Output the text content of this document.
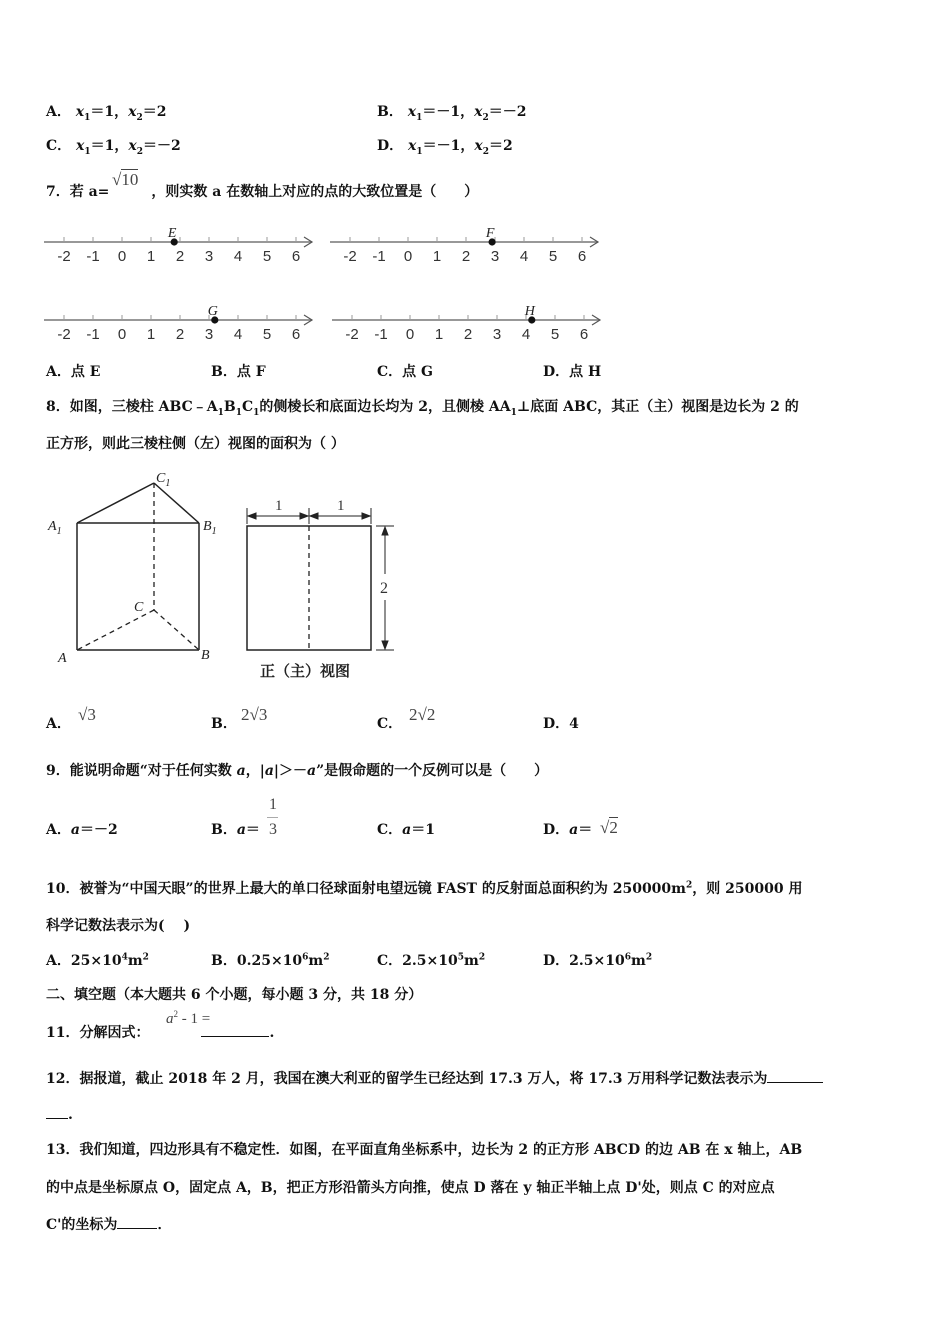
A． $x_1=1$，$x_2=2$	B． $x_1=-1$，$x_2=-2$
C． $x_1=1$，$x_2=-2$	D． $x_1=-1$，$x_2=2$
7．若 a=	，则实数 a 在数轴上对应的点的大致位置是（　　）
√10
-2 -1 0 1 2 3 4 5 6
E
-2 -1 0 1 2 3 4 5 6
F
-2 -1 0 1 2 3 4 5 6
G
-2 -1 0 1 2 3 4 5 6
H
A．点 E	B．点 F	C．点 G	D．点 H
8．如图，三棱柱 $ABC﹣A_1B_1C_1$的侧棱长和底面边长均为 2，且侧棱 $AA_1\perp$底面 ABC，其正（主）视图是边长为 2 的
正方形，则此三棱柱侧（左）视图的面积为（ ）
$C_1$
$A_1$	$B_1$
C
A	B
1	1
2
正（主）视图
A． √3	B． 2√3	C． 2√2	D．4
9．能说明命题“对于任何实数 a，|a|＞－a”是假命题的一个反例可以是（　　）
A．a＝－2	B．a＝
1
3	C．a＝1	D．a＝ √2
10．被誉为“中国天眼”的世界上最大的单口径球面射电望远镜 FAST 的反射面总面积约为 $250000m^2$，则 250000 用
科学记数法表示为(　 )
A．$25\times 10^4m^2$	B．$0.25\times 10^6m^2$	C．$2.5\times 10^5m^2$	D．$2.5\times 10^6m^2$
二、填空题（本大题共 6 个小题，每小题 3 分，共 18 分）
11．分解因式：	.
$a^2 - 1$ =
12．据报道，截止 2018 年 2 月，我国在澳大利亚的留学生已经达到 17.3 万人，将 17.3 万用科学记数法表示为
.
13．我们知道，四边形具有不稳定性．如图，在平面直角坐标系中，边长为 2 的正方形 ABCD 的边 AB 在 x 轴上，AB
的中点是坐标原点 O，固定点 A，B，把正方形沿箭头方向推，使点 D 落在 y 轴正半轴上点 D'处，则点 C 的对应点
C'的坐标为	．
